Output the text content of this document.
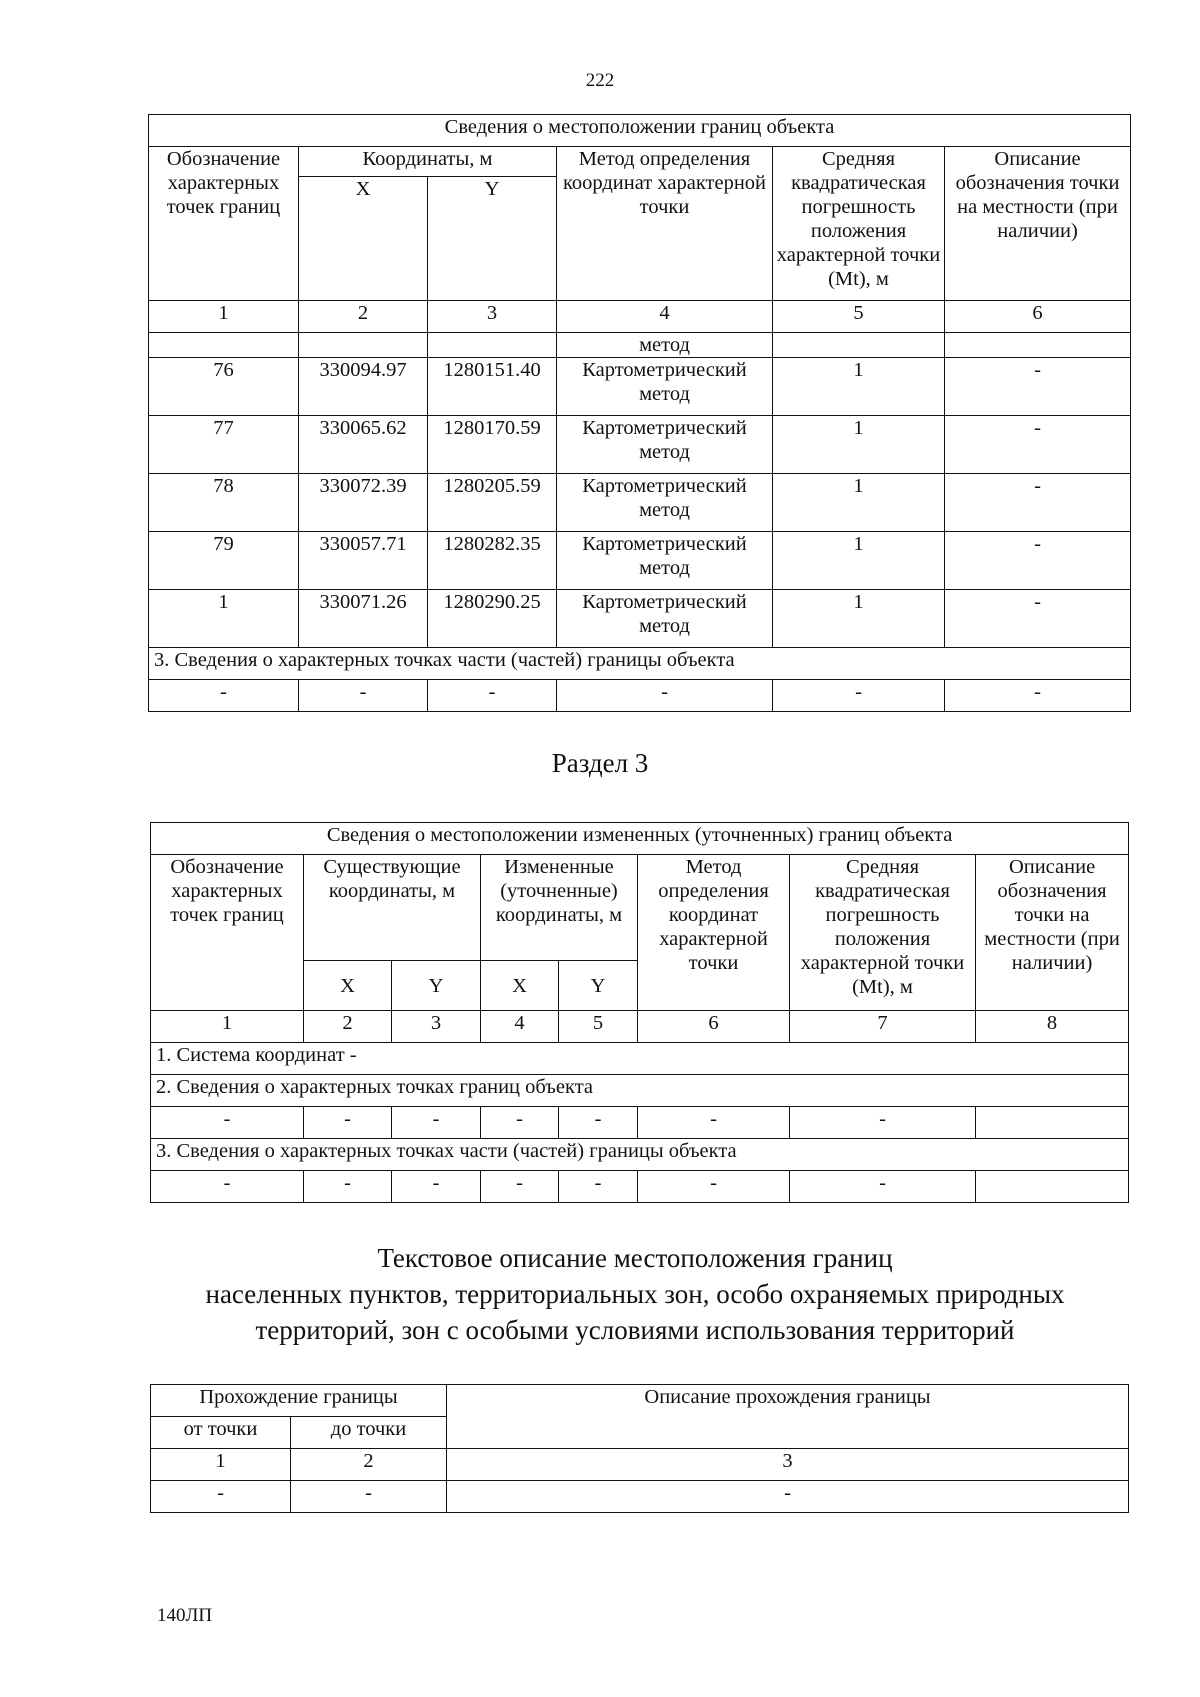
222
Сведения о местоположении границ объекта					
Обозначение характерных точек границ	Координаты, м		Метод определения координат характерной точки	Средняя квадратическая погрешность положения характерной точки (Mt), м	Описание обозначения точки на местности (при наличии)
	X	Y			
1	2	3	4	5	6
			метод		
76	330094.97	1280151.40	Картометрический метод	1	-
77	330065.62	1280170.59	Картометрический метод	1	-
78	330072.39	1280205.59	Картометрический метод	1	-
79	330057.71	1280282.35	Картометрический метод	1	-
1	330071.26	1280290.25	Картометрический метод	1	-
3. Сведения о характерных точках части (частей) границы объекта					
-	-	-	-	-	-
Раздел 3
Сведения о местоположении измененных (уточненных) границ объекта							
Обозначение характерных точек границ	Существующие координаты, м		Измененные (уточненные) координаты, м		Метод определения координат характерной точки	Средняя квадратическая погрешность положения характерной точки (Mt), м	Описание обозначения точки на местности (при наличии)
	X	Y	X	Y			
1	2	3	4	5	6	7	8
1. Система координат -							
2. Сведения о характерных точках границ объекта							
-	-	-	-	-	-	-	
3. Сведения о характерных точках части (частей) границы объекта							
-	-	-	-	-	-	-	
Текстовое описание местоположения границ
населенных пунктов, территориальных зон, особо охраняемых природных
территорий, зон с особыми условиями использования территорий
Прохождение границы		Описание прохождения границы
от точки	до точки	
1	2	3
-	-	-
140ЛП
